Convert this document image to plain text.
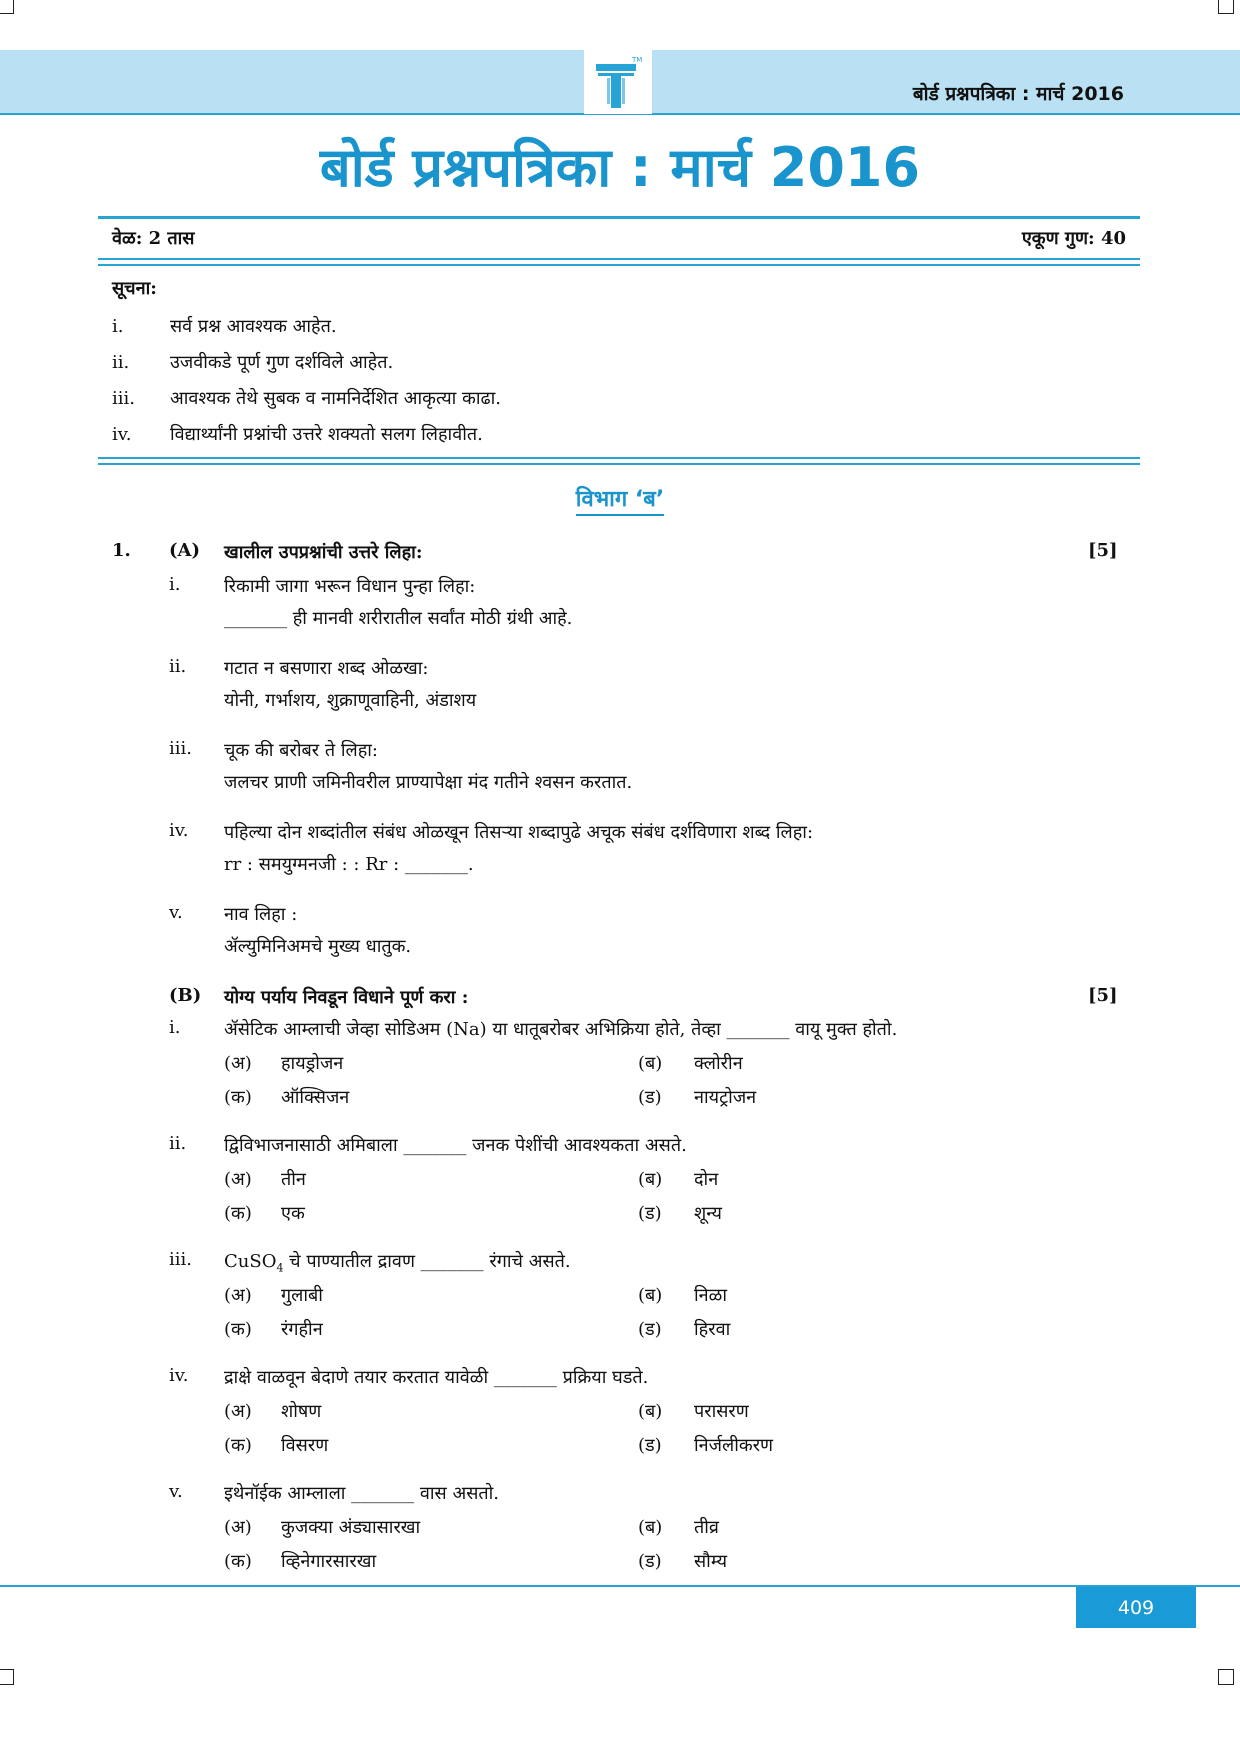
TM
बोर्ड प्रश्नपत्रिका : मार्च 2016
बोर्ड प्रश्नपत्रिका : मार्च 2016
वेळ: 2 तास	एकूण गुण: 40
सूचना:
i.	सर्व प्रश्न आवश्यक आहेत.
ii.	उजवीकडे पूर्ण गुण दर्शविले आहेत.
iii.	आवश्यक तेथे सुबक व नामनिर्देशित आकृत्या काढा.
iv.	विद्यार्थ्यांनी प्रश्नांची उत्तरे शक्यतो सलग लिहावीत.
विभाग ‘ब’
1. (A) खालील उपप्रश्नांची उत्तरे लिहा:	[5]
i. रिकामी जागा भरून विधान पुन्हा लिहा:
_______ ही मानवी शरीरातील सर्वांत मोठी ग्रंथी आहे.
ii. गटात न बसणारा शब्द ओळखा:
योनी, गर्भाशय, शुक्राणूवाहिनी, अंडाशय
iii. चूक की बरोबर ते लिहा:
जलचर प्राणी जमिनीवरील प्राण्यापेक्षा मंद गतीने श्वसन करतात.
iv. पहिल्या दोन शब्दांतील संबंध ओळखून तिसऱ्या शब्दापुढे अचूक संबंध दर्शविणारा शब्द लिहा:
rr : समयुग्मनजी : : Rr : _______.
v. नाव लिहा :
ॲल्युमिनिअमचे मुख्य धातुक.
(B) योग्य पर्याय निवडून विधाने पूर्ण करा :	[5]
i. ॲसेटिक आम्लाची जेव्हा सोडिअम (Na) या धातूबरोबर अभिक्रिया होते, तेव्हा _______ वायू मुक्त होतो.
(अ) हायड्रोजन	(ब) क्लोरीन
(क) ऑक्सिजन	(ड) नायट्रोजन
ii. द्विविभाजनासाठी अमिबाला _______ जनक पेशींची आवश्यकता असते.
(अ) तीन	(ब) दोन
(क) एक	(ड) शून्य
iii. CuSO$_4$ चे पाण्यातील द्रावण _______ रंगाचे असते.
(अ) गुलाबी	(ब) निळा
(क) रंगहीन	(ड) हिरवा
iv. द्राक्षे वाळवून बेदाणे तयार करतात यावेळी _______ प्रक्रिया घडते.
(अ) शोषण	(ब) परासरण
(क) विसरण	(ड) निर्जलीकरण
v. इथेनॉईक आम्लाला _______ वास असतो.
(अ) कुजक्या अंड्यासारखा	(ब) तीव्र
(क) व्हिनेगारसारखा	(ड) सौम्य
409
